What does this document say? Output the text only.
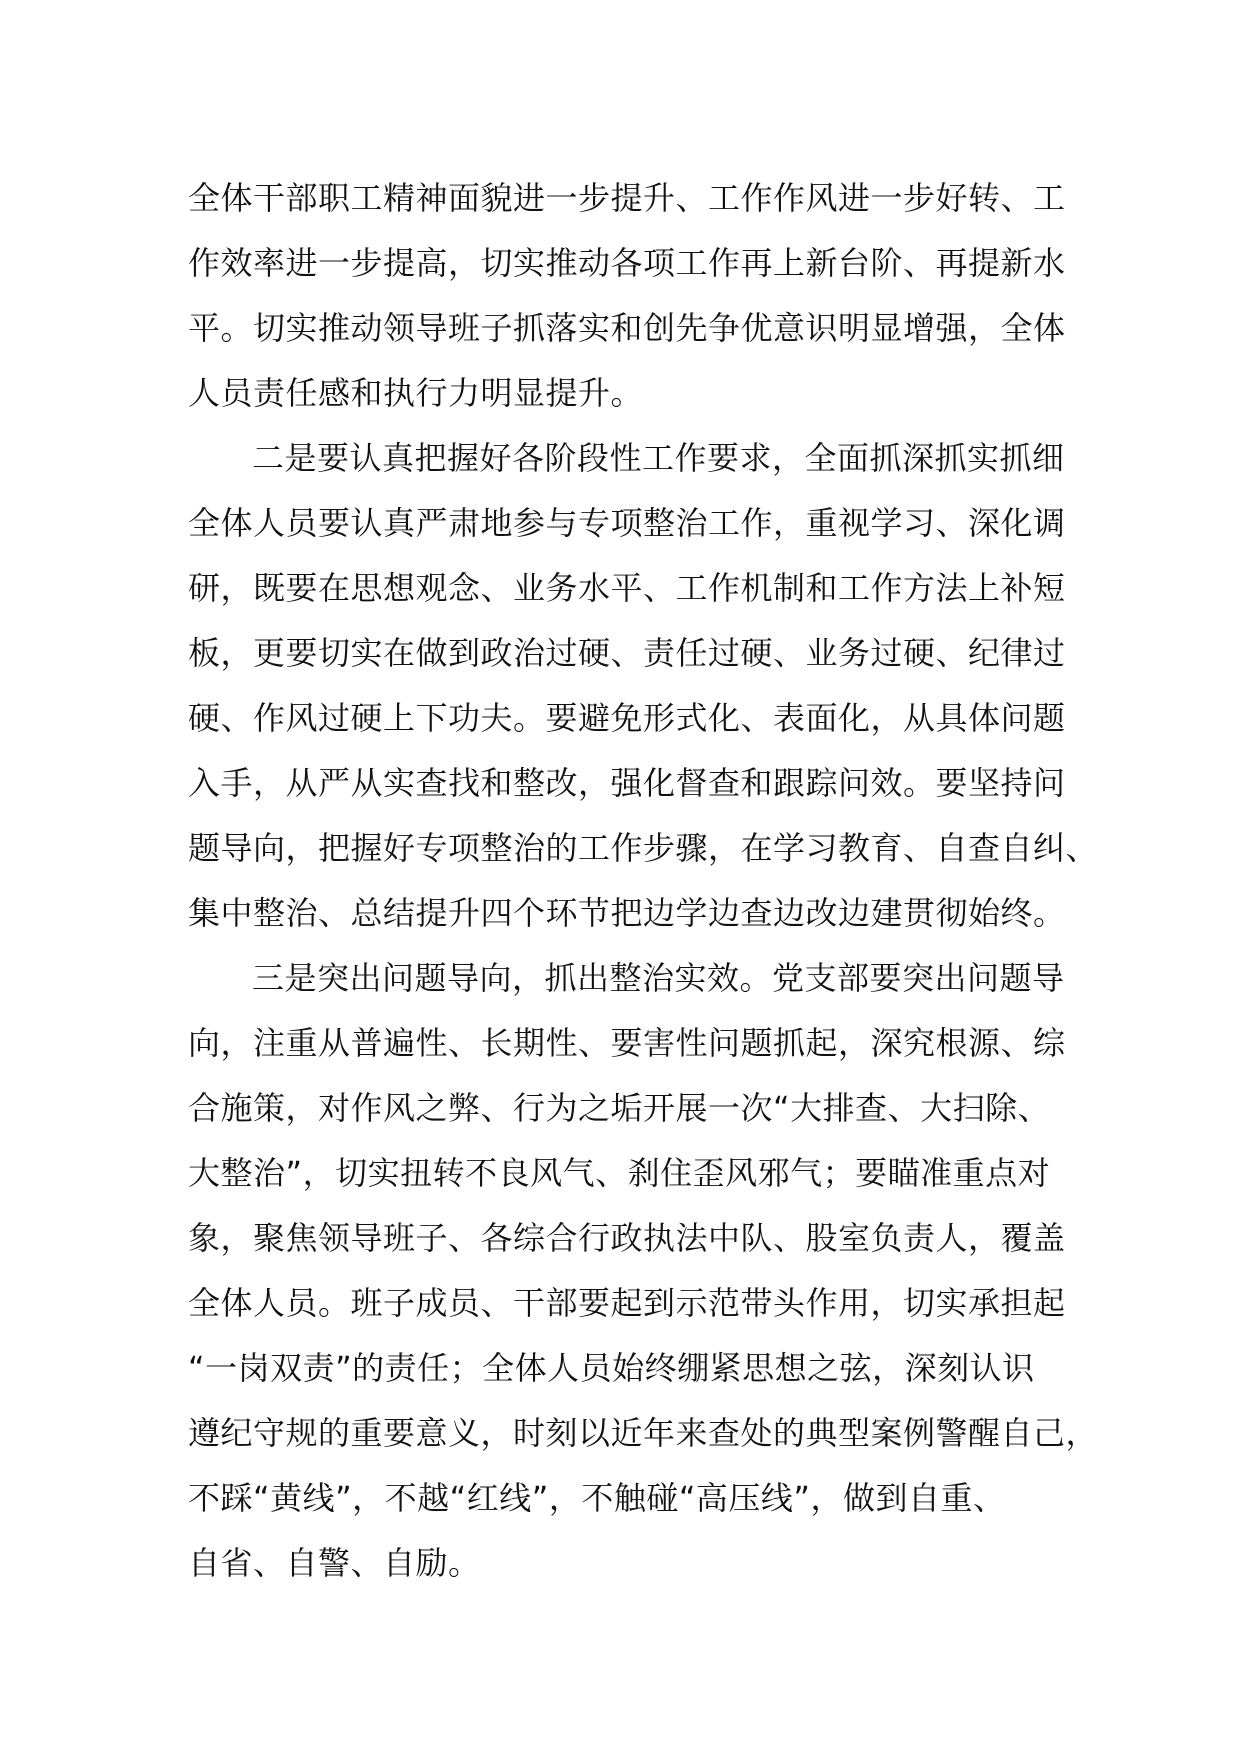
全体干部职工精神面貌进一步提升、工作作风进一步好转、工
作效率进一步提高，切实推动各项工作再上新台阶、再提新水
平。切实推动领导班子抓落实和创先争优意识明显增强，全体
人员责任感和执行力明显提升。
二是要认真把握好各阶段性工作要求，全面抓深抓实抓细
全体人员要认真严肃地参与专项整治工作，重视学习、深化调
研，既要在思想观念、业务水平、工作机制和工作方法上补短
板，更要切实在做到政治过硬、责任过硬、业务过硬、纪律过
硬、作风过硬上下功夫。要避免形式化、表面化，从具体问题
入手，从严从实查找和整改，强化督查和跟踪问效。要坚持问
题导向，把握好专项整治的工作步骤，在学习教育、自查自纠、
集中整治、总结提升四个环节把边学边查边改边建贯彻始终。
三是突出问题导向，抓出整治实效。党支部要突出问题导
向，注重从普遍性、长期性、要害性问题抓起，深究根源、综
合施策，对作风之弊、行为之垢开展一次“大排查、大扫除、
大整治”，切实扭转不良风气、刹住歪风邪气；要瞄准重点对
象，聚焦领导班子、各综合行政执法中队、股室负责人，覆盖
全体人员。班子成员、干部要起到示范带头作用，切实承担起
“一岗双责”的责任；全体人员始终绷紧思想之弦，深刻认识
遵纪守规的重要意义，时刻以近年来查处的典型案例警醒自己，
不踩“黄线”，不越“红线”，不触碰“高压线”，做到自重、
自省、自警、自励。
